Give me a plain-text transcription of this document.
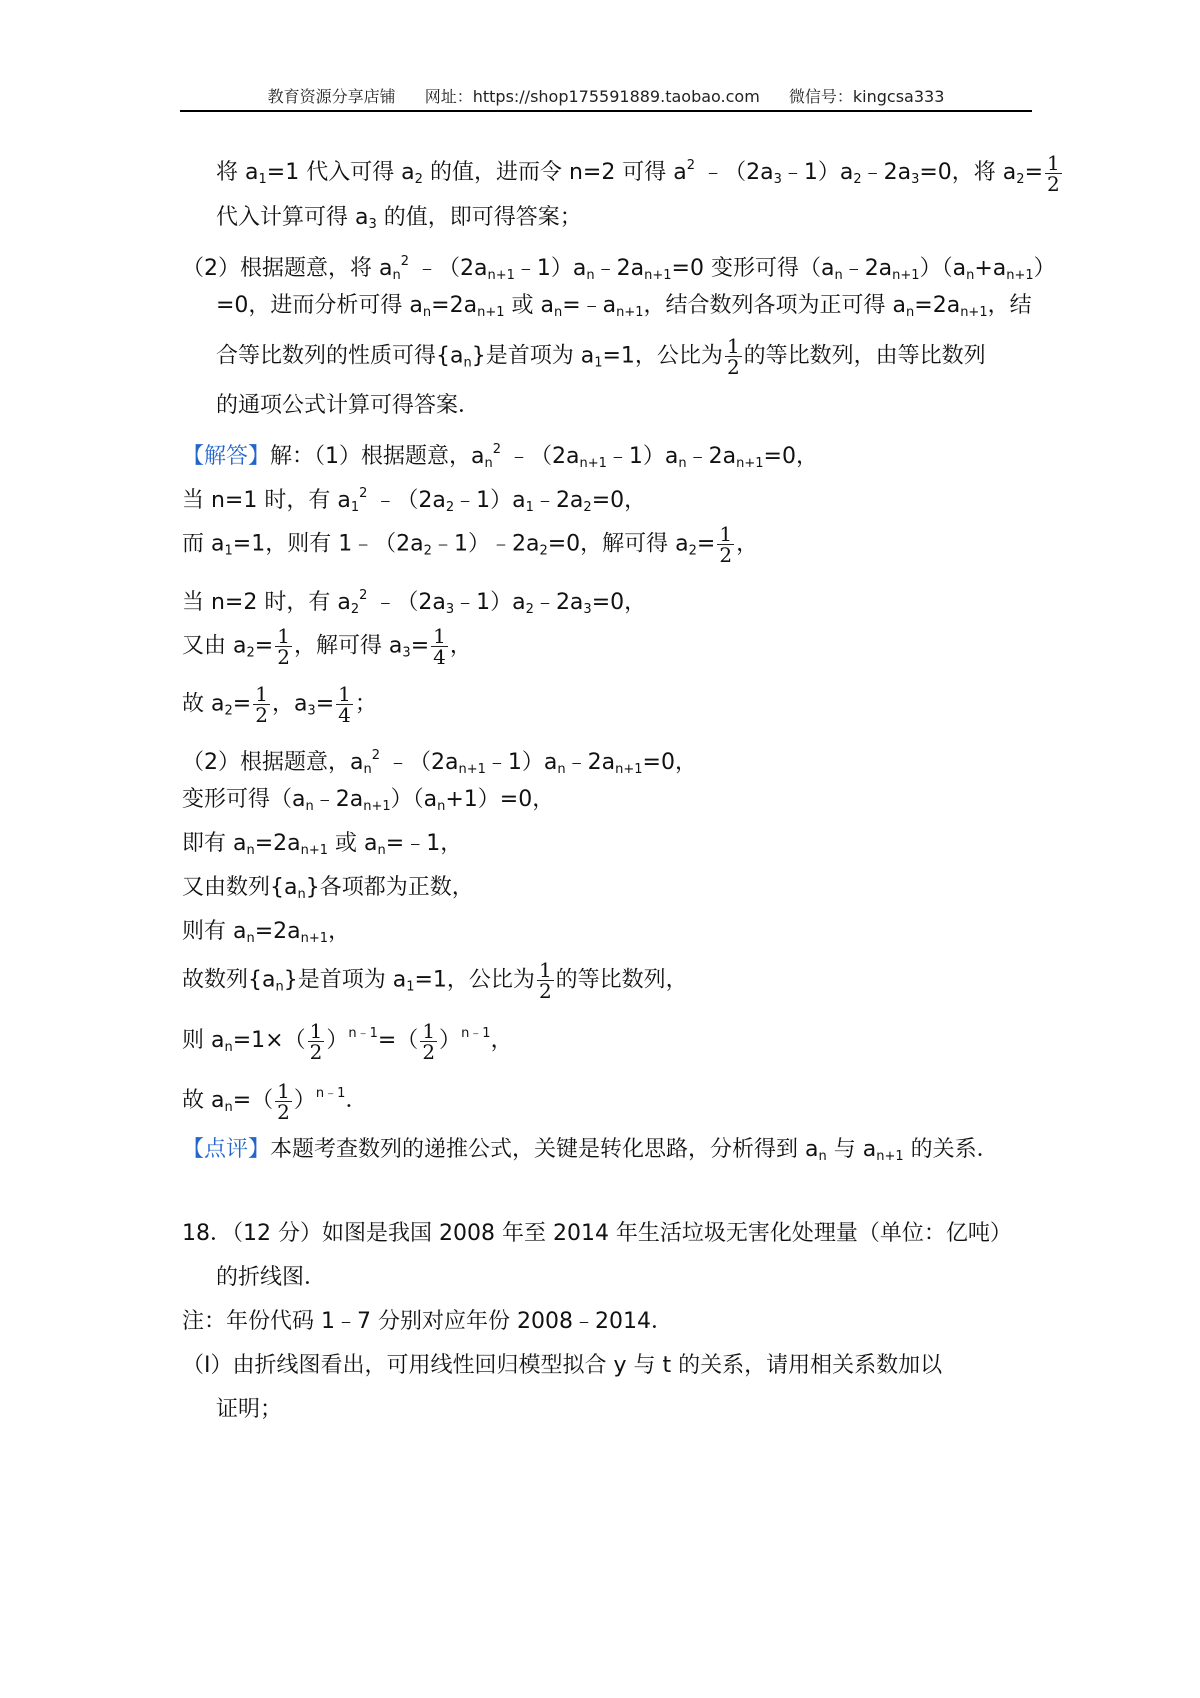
教育资源分享店铺 网址：https://shop175591889.taobao.com 微信号：kingcsa333
将 $a_1=1$ 代入可得 $a_2$ 的值，进而令 n=2 可得 $a^2$ $﹣(2a_3﹣1)a_2﹣2a_3=0$，将 $a_2= \frac{1}{2}$
代入计算可得 $a_3$ 的值，即可得答案；
（2）根据题意，将 $a_n^2$ $﹣(2a_{n+1}﹣1)a_n﹣2a_{n+1}=0$ 变形可得$(a_n﹣2a_{n+1})(a_n+a_{n+1})$
=0，进而分析可得 $a_n=2a_{n+1}$ 或 $a_n=﹣a_{n+1}$，结合数列各项为正可得 $a_n=2a_{n+1}$，结
合等比数列的性质可得$\{a_n\}$是首项为 $a_1=1$，公比为 $\frac{1}{2}$ 的等比数列，由等比数列
的通项公式计算可得答案．
【解答】解：（1）根据题意，$a_n^2$ $﹣(2a_{n+1}﹣1)a_n﹣2a_{n+1}=0$，
当 n=1 时，有 $a_1^2$ $﹣(2a_2﹣1)a_1﹣2a_2=0$，
而 $a_1=1$，则有 $1﹣(2a_2﹣1)﹣2a_2=0$，解可得 $a_2= \frac{1}{2}$ ，
当 n=2 时，有 $a_2^2$ $﹣(2a_3﹣1)a_2﹣2a_3=0$，
又由 $a_2= \frac{1}{2}$ ，解可得 $a_3= \frac{1}{4}$ ，
故 $a_2= \frac{1}{2}$ ，$a_3= \frac{1}{4}$ ；
（2）根据题意，$a_n^2$ $﹣(2a_{n+1}﹣1)a_n﹣2a_{n+1}=0$，
变形可得$(a_n﹣2a_{n+1})(a_n+1)=0$，
即有 $a_n=2a_{n+1}$ 或 $a_n=﹣1$，
又由数列$\{a_n\}$各项都为正数，
则有 $a_n=2a_{n+1}$，
故数列$\{a_n\}$是首项为 $a_1=1$，公比为 $\frac{1}{2}$ 的等比数列，
则 $a_n=1\times( \frac{1}{2} )^{n﹣1}=( \frac{1}{2} )^{n﹣1}$，
故 $a_n=( \frac{1}{2} )^{n﹣1}$．
【点评】本题考查数列的递推公式，关键是转化思路，分析得到 $a_n$ 与 $a_{n+1}$ 的关系．
18．（12 分）如图是我国 2008 年至 2014 年生活垃圾无害化处理量（单位：亿吨）
的折线图．
注：年份代码 1﹣7 分别对应年份 2008﹣2014．
（Ⅰ）由折线图看出，可用线性回归模型拟合 y 与 t 的关系，请用相关系数加以
证明；
